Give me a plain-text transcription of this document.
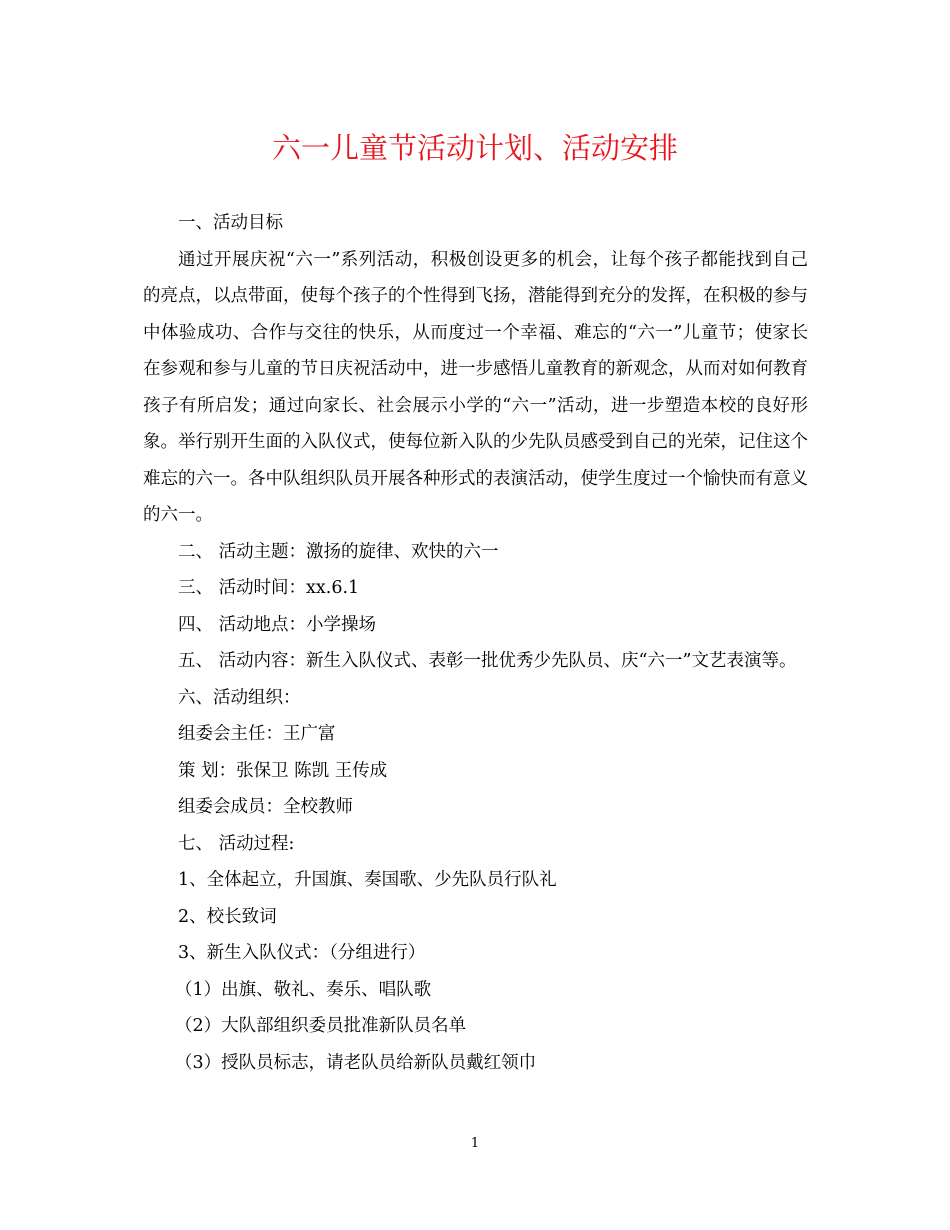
六一儿童节活动计划、活动安排

一、活动目标

通过开展庆祝“六一”系列活动，积极创设更多的机会，让每个孩子都能找到自己的亮点，以点带面，使每个孩子的个性得到飞扬，潜能得到充分的发挥，在积极的参与中体验成功、合作与交往的快乐，从而度过一个幸福、难忘的“六一”儿童节；使家长在参观和参与儿童的节日庆祝活动中，进一步感悟儿童教育的新观念，从而对如何教育孩子有所启发；通过向家长、社会展示小学的“六一”活动，进一步塑造本校的良好形象。举行别开生面的入队仪式，使每位新入队的少先队员感受到自己的光荣，记住这个难忘的六一。各中队组织队员开展各种形式的表演活动，使学生度过一个愉快而有意义的六一。

二、 活动主题：激扬的旋律、欢快的六一

三、 活动时间：xx.6.1

四、 活动地点：小学操场

五、 活动内容：新生入队仪式、表彰一批优秀少先队员、庆“六一”文艺表演等。

六、活动组织：

组委会主任：王广富

策 划：张保卫 陈凯 王传成

组委会成员：全校教师

七、 活动过程:

1、全体起立，升国旗、奏国歌、少先队员行队礼

2、校长致词

3、新生入队仪式：（分组进行）

（1）出旗、敬礼、奏乐、唱队歌

（2）大队部组织委员批准新队员名单

（3）授队员标志，请老队员给新队员戴红领巾

1
